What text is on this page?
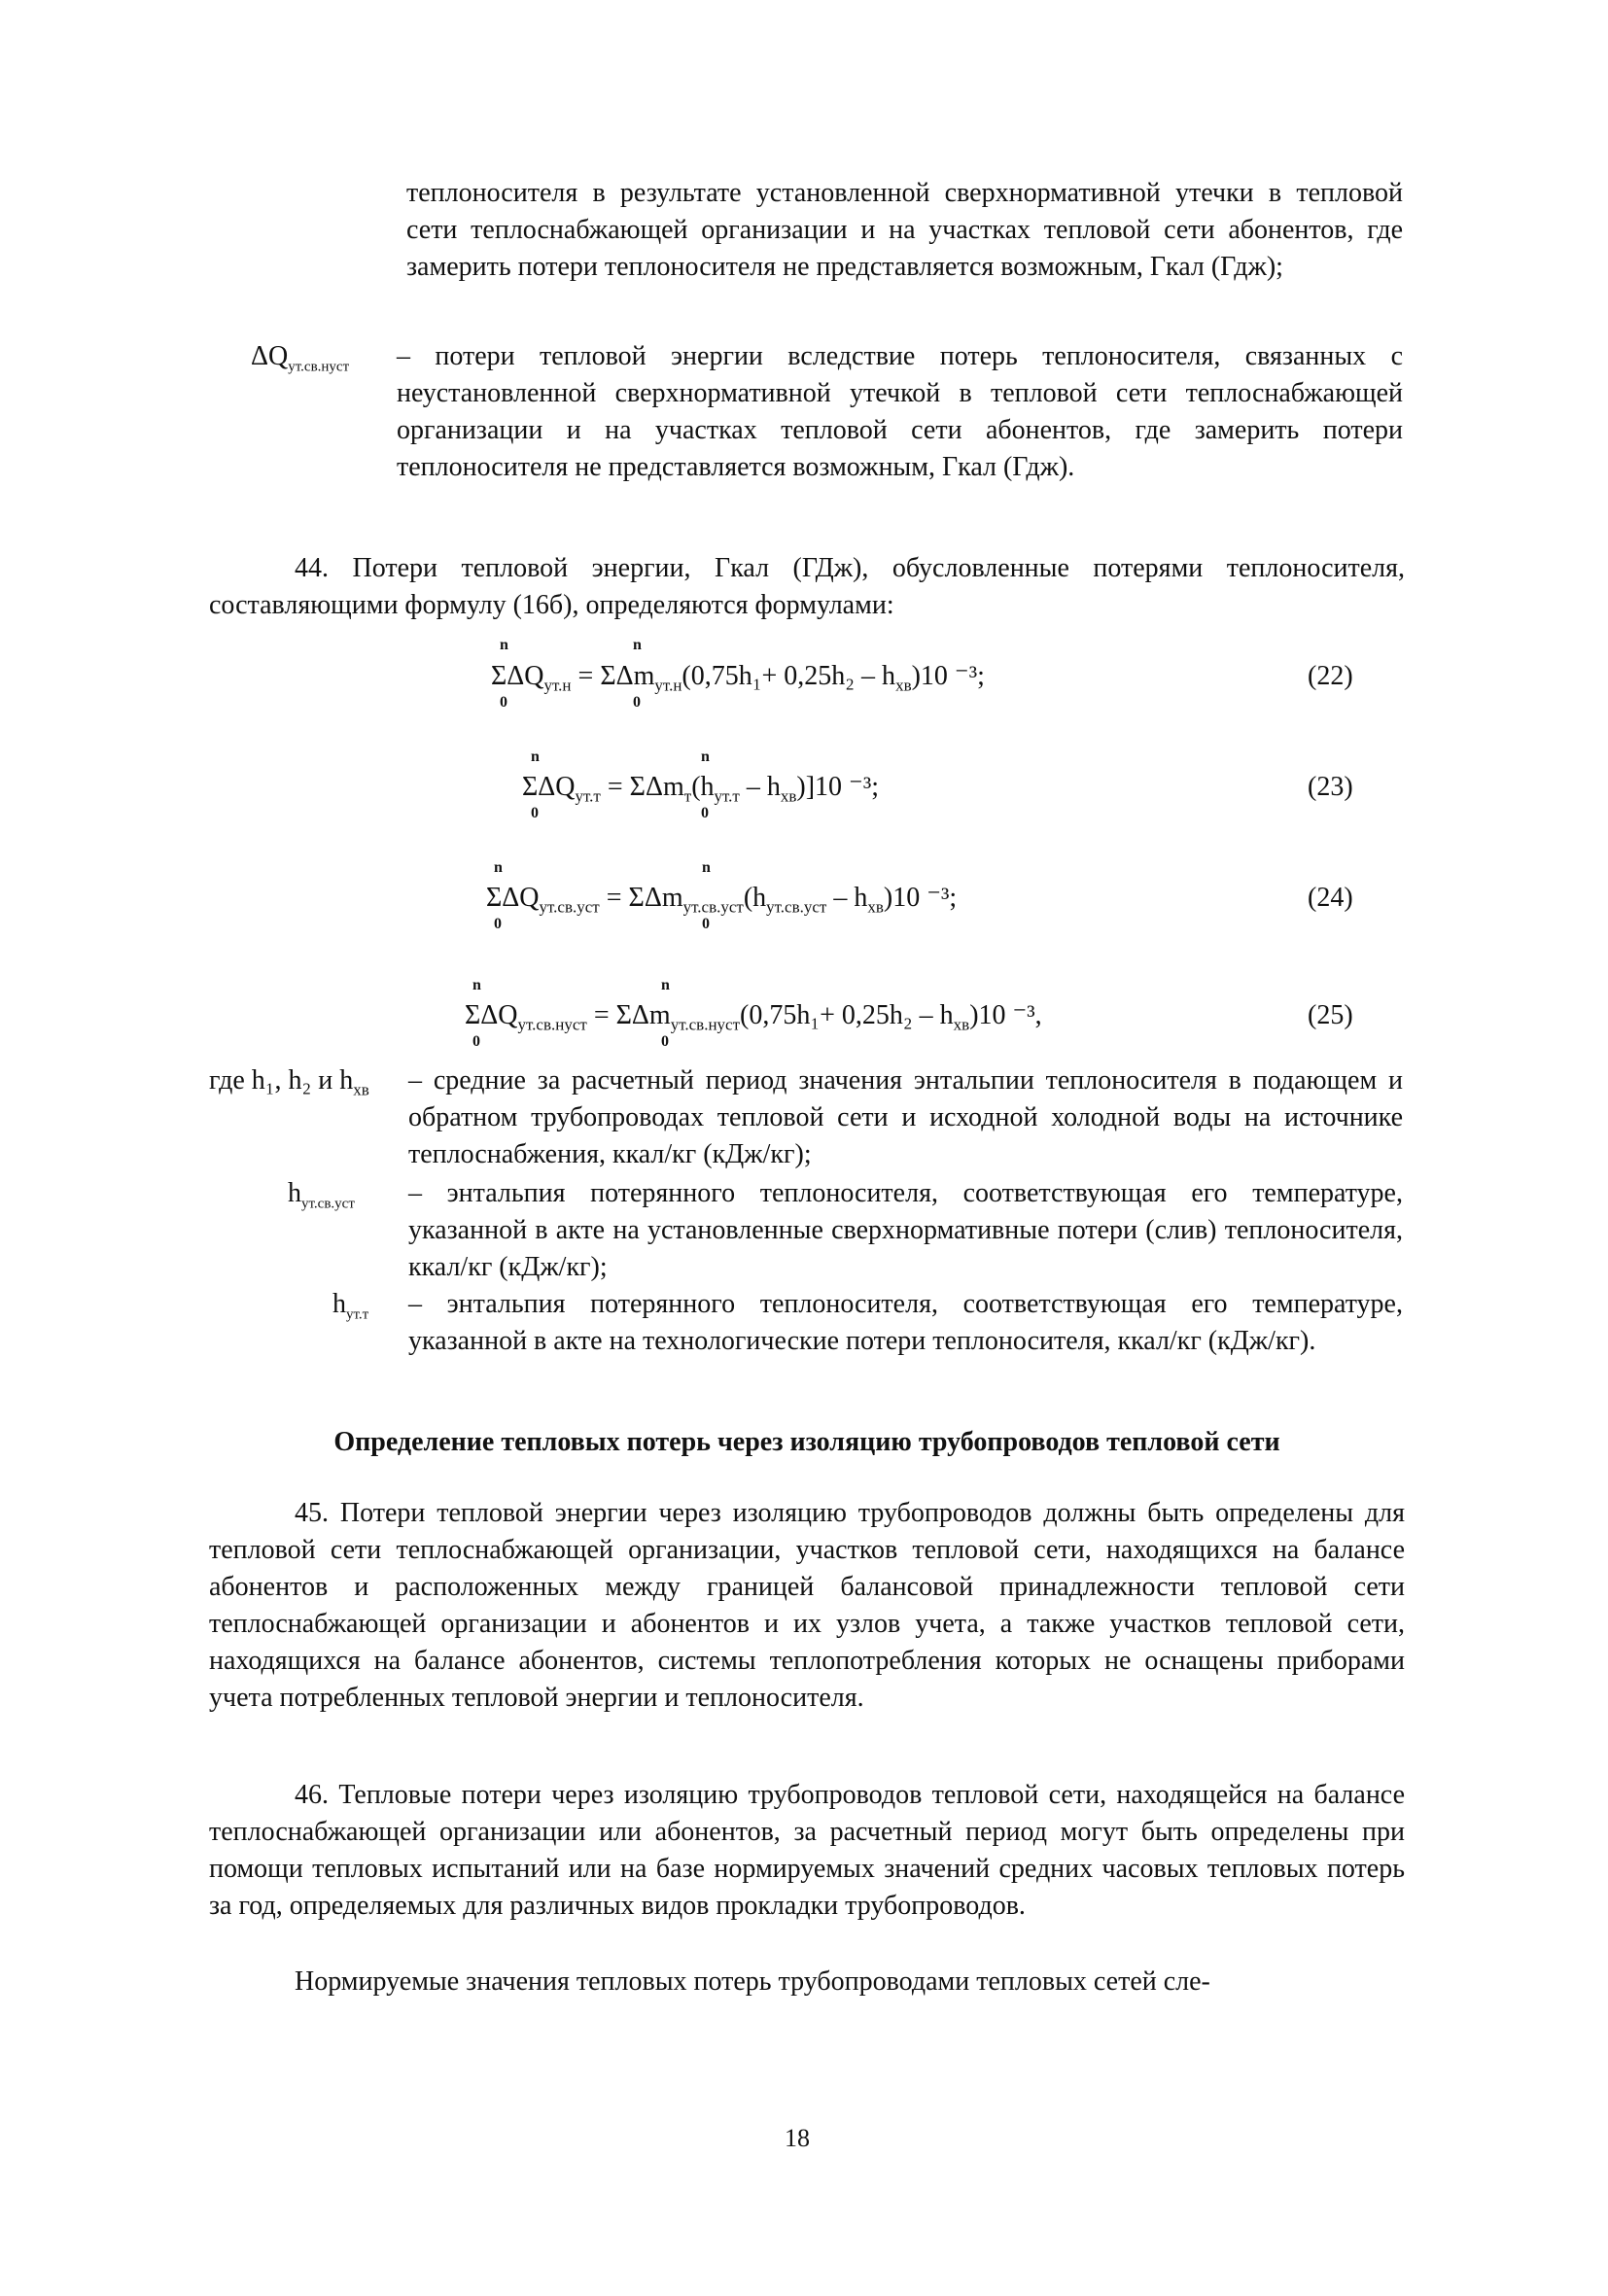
теплоносителя в результате установленной сверхнормативной утечки в тепловой сети теплоснабжающей организации и на участках тепловой сети абонентов, где замерить потери теплоносителя не представляется возможным, Гкал (Гдж);
$\Delta Q_{ут.св.нуст}$ – потери тепловой энергии вследствие потерь теплоносителя, связанных с неустановленной сверхнормативной утечкой в тепловой сети теплоснабжающей организации и на участках тепловой сети абонентов, где замерить потери теплоносителя не представляется возможным, Гкал (Гдж).
44. Потери тепловой энергии, Гкал (ГДж), обусловленные потерями теплоносителя, составляющими формулу (16б), определяются формулами:
n	n
$\Sigma\Delta Q_{ут.н} = \Sigma\Delta m_{ут.н}(0,75h_1+ 0,25h_2 - h_{хв})10$ ⁻³;
0	0
(22)
n	n
$\Sigma\Delta Q_{ут.т} = \Sigma\Delta m_т(h_{ут.т} - h_{хв})]10$ ⁻³;
0	0
(23)
n	n
$\Sigma\Delta Q_{ут.св.уст} = \Sigma\Delta m_{ут.св.уст}(h_{ут.св.уст} - h_{хв})10$ ⁻³;
0	0
(24)
n	n
$\Sigma\Delta Q_{ут.св.нуст} = \Sigma\Delta m_{ут.св.нуст}(0,75h_1+ 0,25h_2 - h_{хв})10$ ⁻³,
0	0
(25)
где h₁, h₂ и $h_{хв}$ – средние за расчетный период значения энтальпии теплоносителя в подающем и обратном трубопроводах тепловой сети и исходной холодной воды на источнике теплоснабжения, ккал/кг (кДж/кг);
$h_{ут.св.уст}$ – энтальпия потерянного теплоносителя, соответствующая его температуре, указанной в акте на установленные сверхнормативные потери (слив) теплоносителя, ккал/кг (кДж/кг);
$h_{ут.т}$ – энтальпия потерянного теплоносителя, соответствующая его температуре, указанной в акте на технологические потери теплоносителя, ккал/кг (кДж/кг).
Определение тепловых потерь через изоляцию трубопроводов тепловой сети
45. Потери тепловой энергии через изоляцию трубопроводов должны быть определены для тепловой сети теплоснабжающей организации, участков тепловой сети, находящихся на балансе абонентов и расположенных между границей балансовой принадлежности тепловой сети теплоснабжающей организации и абонентов и их узлов учета, а также участков тепловой сети, находящихся на балансе абонентов, системы теплопотребления которых не оснащены приборами учета потребленных тепловой энергии и теплоносителя.
46. Тепловые потери через изоляцию трубопроводов тепловой сети, находящейся на балансе теплоснабжающей организации или абонентов, за расчетный период могут быть определены при помощи тепловых испытаний или на базе нормируемых значений средних часовых тепловых потерь за год, определяемых для различных видов прокладки трубопроводов.
Нормируемые значения тепловых потерь трубопроводами тепловых сетей сле-
18
